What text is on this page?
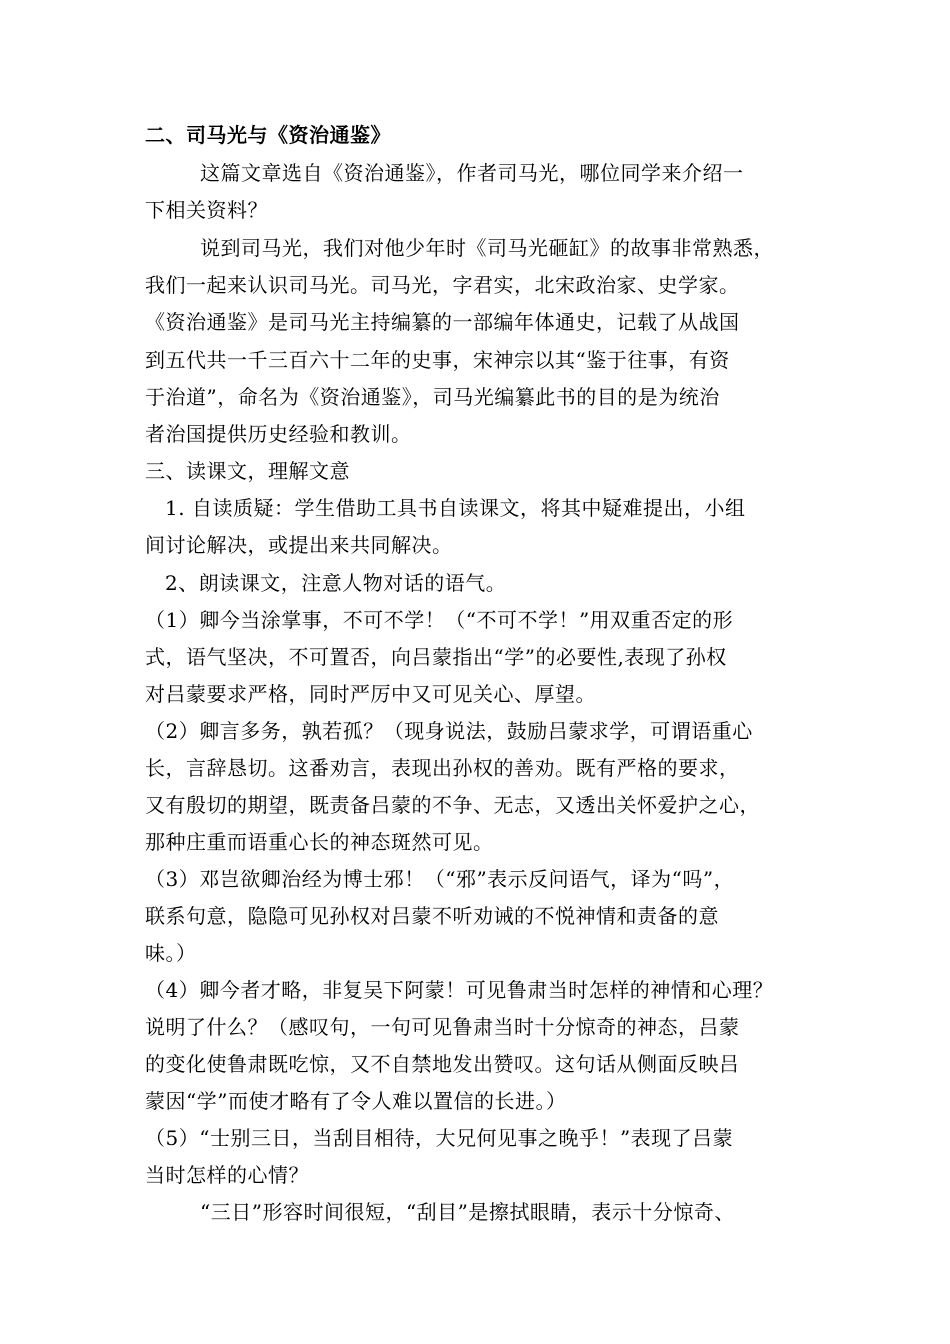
二、司马光与《资治通鉴》

这篇文章选自《资治通鉴》，作者司马光，哪位同学来介绍一

下相关资料？

说到司马光，我们对他少年时《司马光砸缸》的故事非常熟悉，

我们一起来认识司马光。司马光，字君实，北宋政治家、史学家。

《资治通鉴》是司马光主持编纂的一部编年体通史，记载了从战国

到五代共一千三百六十二年的史事，宋神宗以其“鉴于往事，有资

于治道”，命名为《资治通鉴》，司马光编纂此书的目的是为统治

者治国提供历史经验和教训。

三、读课文，理解文意

1. 自读质疑：学生借助工具书自读课文，将其中疑难提出，小组

间讨论解决，或提出来共同解决。

2、朗读课文，注意人物对话的语气。

（1）卿今当涂掌事，不可不学！（“不可不学！”用双重否定的形

式，语气坚决，不可置否，向吕蒙指出“学”的必要性,表现了孙权

对吕蒙要求严格，同时严厉中又可见关心、厚望。

（2）卿言多务，孰若孤？（现身说法，鼓励吕蒙求学，可谓语重心

长，言辞恳切。这番劝言，表现出孙权的善劝。既有严格的要求，

又有殷切的期望，既责备吕蒙的不争、无志，又透出关怀爱护之心，

那种庄重而语重心长的神态斑然可见。

（3）邓岂欲卿治经为博士邪！（“邪”表示反问语气，译为“吗”，

联系句意，隐隐可见孙权对吕蒙不听劝诫的不悦神情和责备的意

味。）

（4）卿今者才略，非复吴下阿蒙！可见鲁肃当时怎样的神情和心理？

说明了什么？（感叹句，一句可见鲁肃当时十分惊奇的神态，吕蒙

的变化使鲁肃既吃惊，又不自禁地发出赞叹。这句话从侧面反映吕

蒙因“学”而使才略有了令人难以置信的长进。）

（5）“士别三日，当刮目相待，大兄何见事之晚乎！”表现了吕蒙

当时怎样的心情？

“三日”形容时间很短，“刮目”是擦拭眼睛，表示十分惊奇、
